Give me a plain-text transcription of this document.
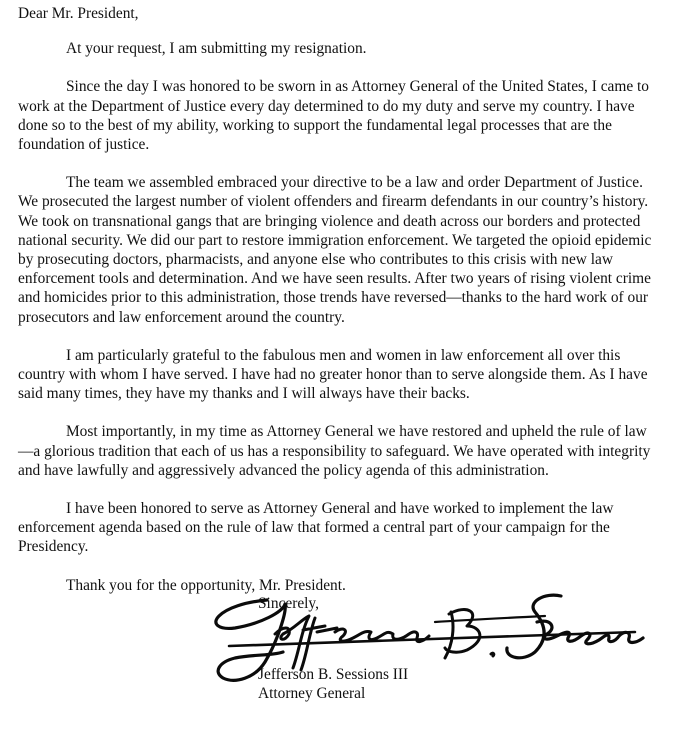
Dear Mr. President,

At your request, I am submitting my resignation.

Since the day I was honored to be sworn in as Attorney General of the United States, I came to work at the Department of Justice every day determined to do my duty and serve my country. I have done so to the best of my ability, working to support the fundamental legal processes that are the foundation of justice.

The team we assembled embraced your directive to be a law and order Department of Justice. We prosecuted the largest number of violent offenders and firearm defendants in our country’s history. We took on transnational gangs that are bringing violence and death across our borders and protected national security. We did our part to restore immigration enforcement. We targeted the opioid epidemic by prosecuting doctors, pharmacists, and anyone else who contributes to this crisis with new law enforcement tools and determination. And we have seen results. After two years of rising violent crime and homicides prior to this administration, those trends have reversed—thanks to the hard work of our prosecutors and law enforcement around the country.

I am particularly grateful to the fabulous men and women in law enforcement all over this country with whom I have served. I have had no greater honor than to serve alongside them. As I have said many times, they have my thanks and I will always have their backs.

Most importantly, in my time as Attorney General we have restored and upheld the rule of law—a glorious tradition that each of us has a responsibility to safeguard. We have operated with integrity and have lawfully and aggressively advanced the policy agenda of this administration.

I have been honored to serve as Attorney General and have worked to implement the law enforcement agenda based on the rule of law that formed a central part of your campaign for the Presidency.

Thank you for the opportunity, Mr. President.

Sincerely,
Jefferson B. Sessions III
Attorney General
